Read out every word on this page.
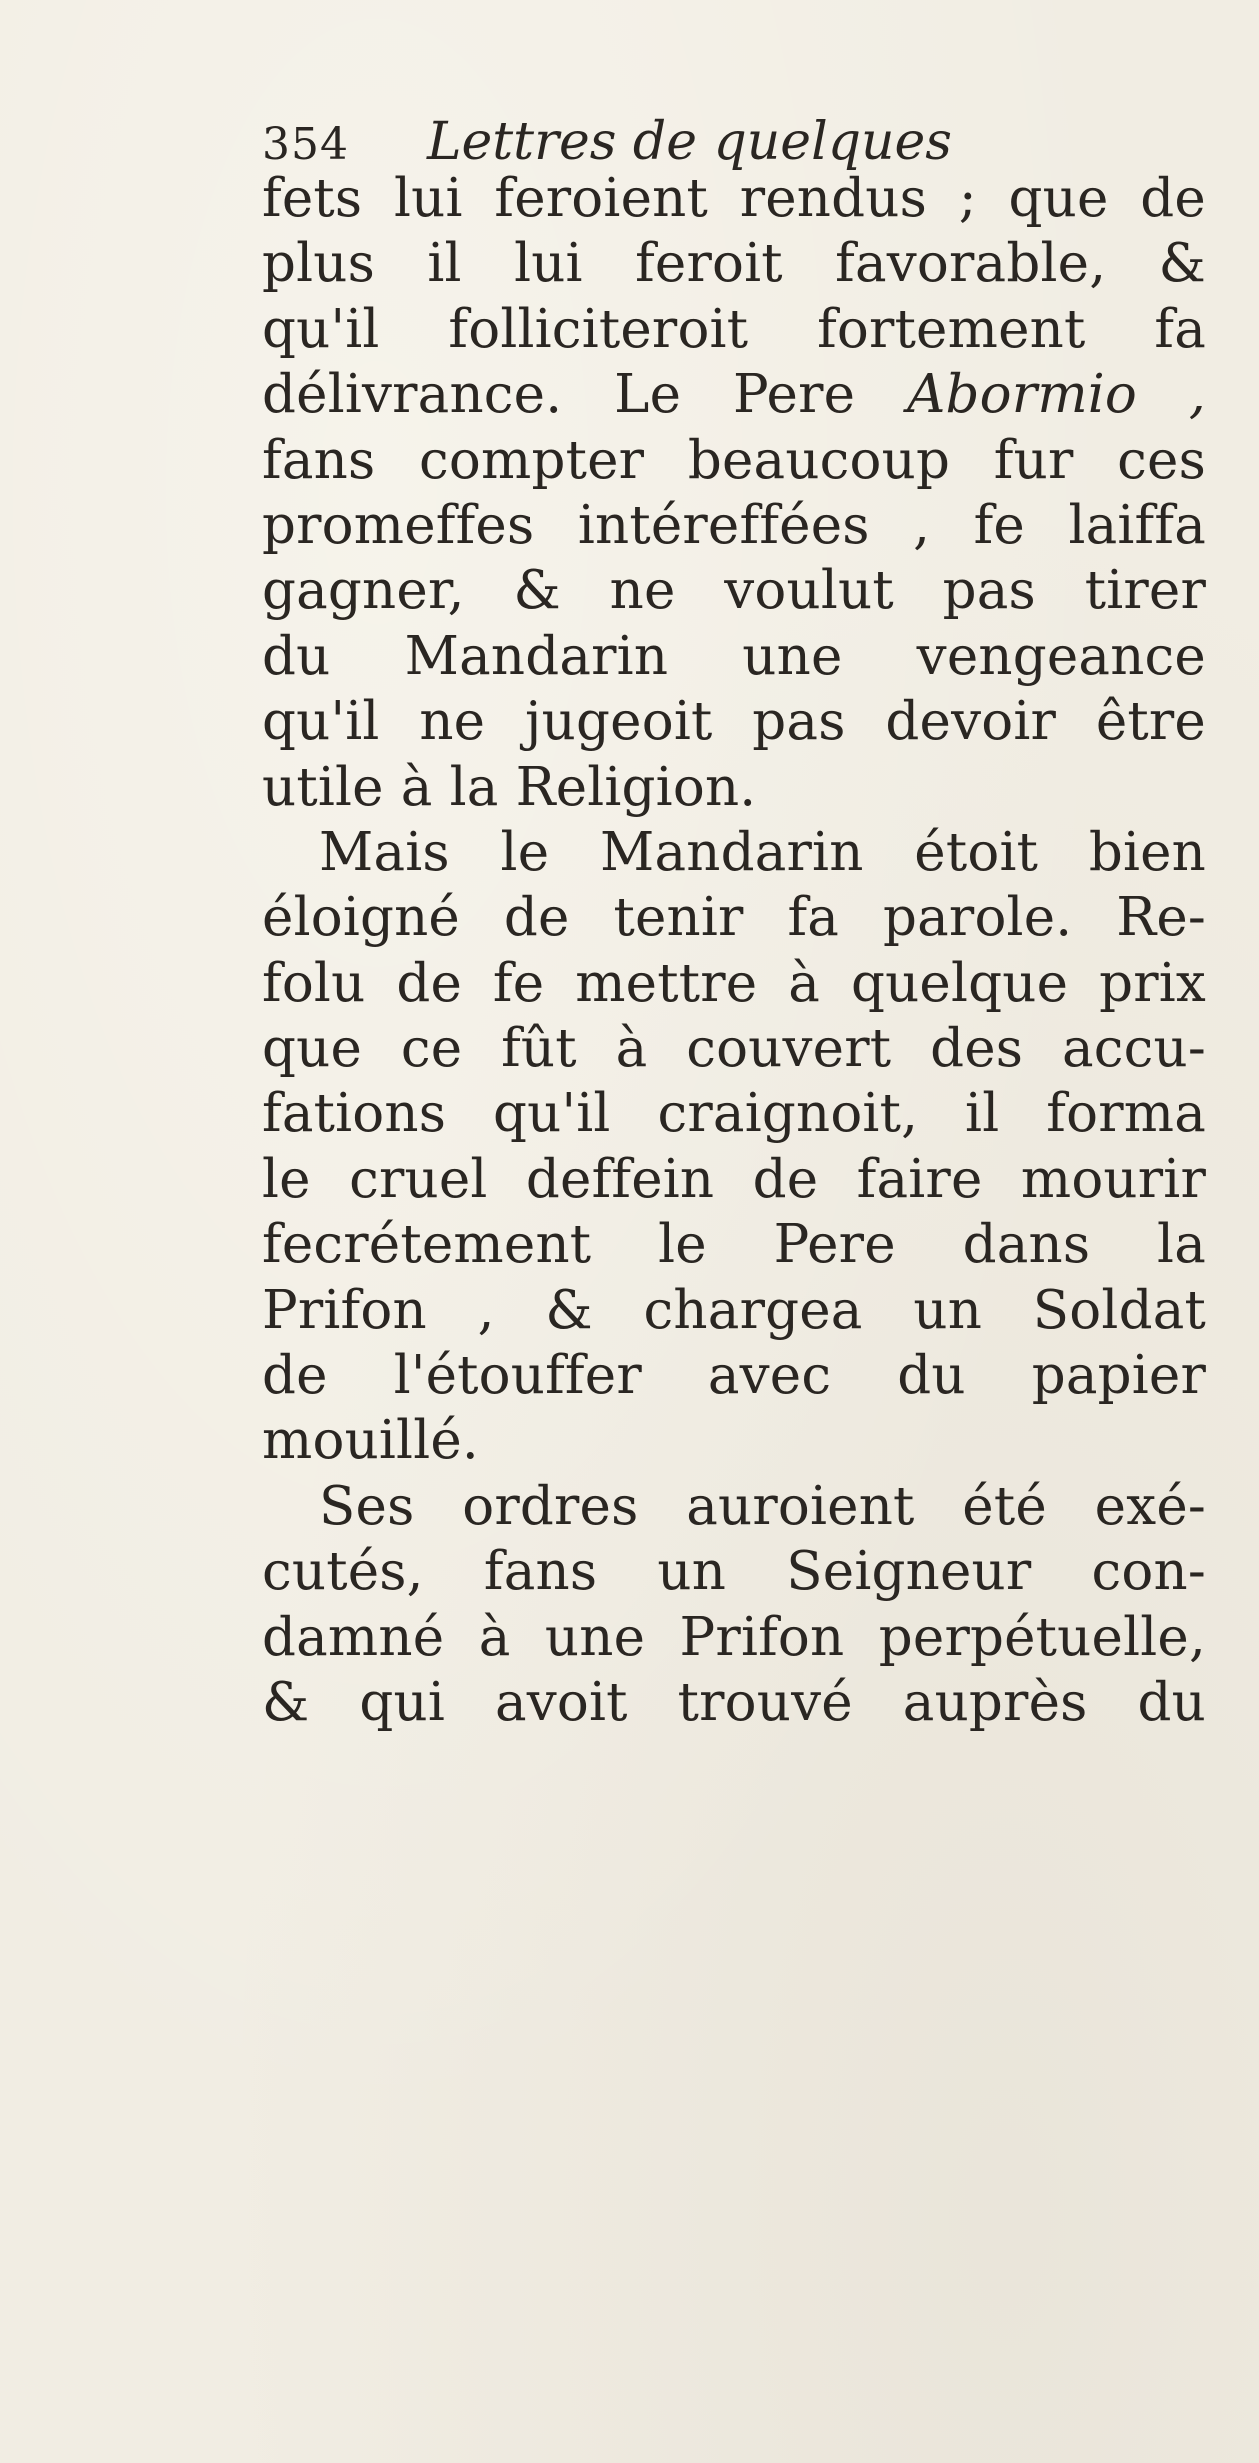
354 Lettres de quelques
fets lui feroient rendus ; que de
plus il lui feroit favorable, &
qu'il folliciteroit fortement fa
délivrance. Le Pere Abormio ,
fans compter beaucoup fur ces
promeffes intéreffées , fe laiffa
gagner, & ne voulut pas tirer
du Mandarin une vengeance
qu'il ne jugeoit pas devoir être
utile à la Religion.
Mais le Mandarin étoit bien
éloigné de tenir fa parole. Re-
folu de fe mettre à quelque prix
que ce fût à couvert des accu-
fations qu'il craignoit, il forma
le cruel deffein de faire mourir
fecrétement le Pere dans la
Prifon , & chargea un Soldat
de l'étouffer avec du papier
mouillé.
Ses ordres auroient été exé-
cutés, fans un Seigneur con-
damné à une Prifon perpétuelle,
& qui avoit trouvé auprès du
